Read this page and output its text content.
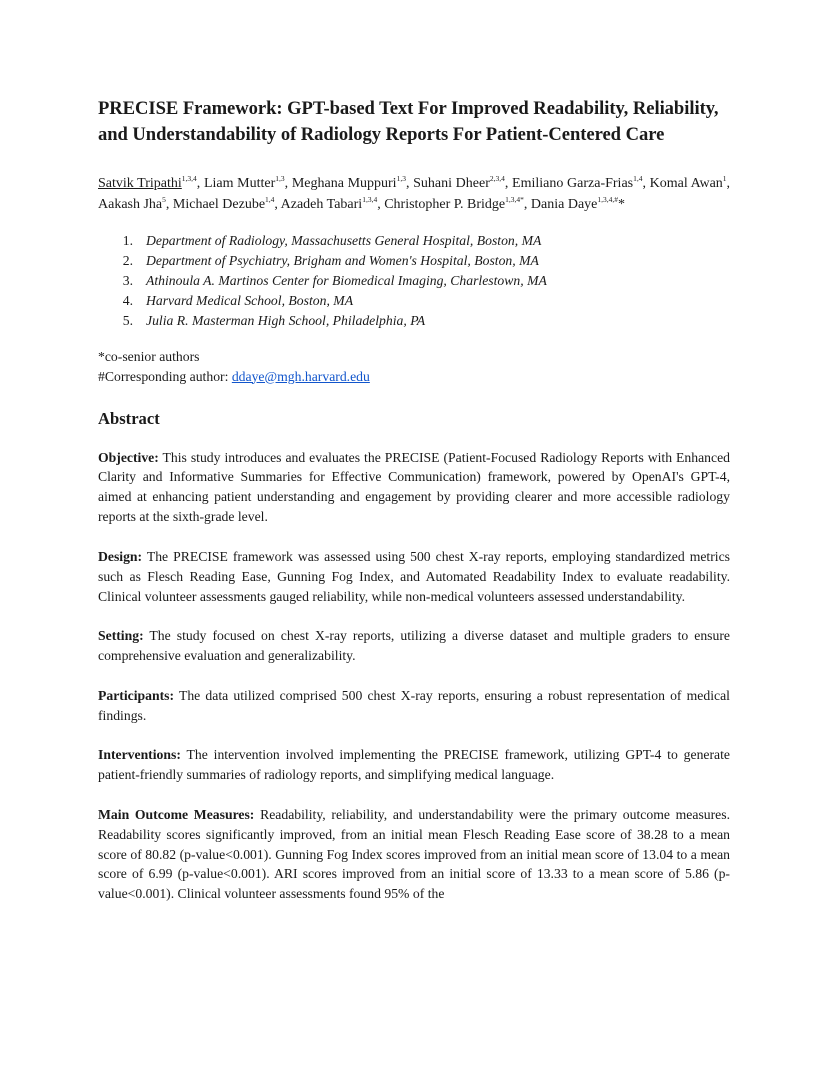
PRECISE Framework: GPT-based Text For Improved Readability, Reliability, and Understandability of Radiology Reports For Patient-Centered Care
Satvik Tripathi$^{1,3,4}$, Liam Mutter$^{1,3}$, Meghana Muppuri$^{1,3}$, Suhani Dheer$^{2,3,4}$, Emiliano Garza-Frias$^{1,4}$, Komal Awan$^1$, Aakash Jha$^5$, Michael Dezube$^{1,4}$, Azadeh Tabari$^{1,3,4}$, Christopher P. Bridge$^{1,3,4*}$, Dania Daye$^{1,3,4,\#}$*
1. Department of Radiology, Massachusetts General Hospital, Boston, MA
2. Department of Psychiatry, Brigham and Women's Hospital, Boston, MA
3. Athinoula A. Martinos Center for Biomedical Imaging, Charlestown, MA
4. Harvard Medical School, Boston, MA
5. Julia R. Masterman High School, Philadelphia, PA
*co-senior authors
#Corresponding author: ddaye@mgh.harvard.edu
Abstract
Objective: This study introduces and evaluates the PRECISE (Patient-Focused Radiology Reports with Enhanced Clarity and Informative Summaries for Effective Communication) framework, powered by OpenAI's GPT-4, aimed at enhancing patient understanding and engagement by providing clearer and more accessible radiology reports at the sixth-grade level.
Design: The PRECISE framework was assessed using 500 chest X-ray reports, employing standardized metrics such as Flesch Reading Ease, Gunning Fog Index, and Automated Readability Index to evaluate readability. Clinical volunteer assessments gauged reliability, while non-medical volunteers assessed understandability.
Setting: The study focused on chest X-ray reports, utilizing a diverse dataset and multiple graders to ensure comprehensive evaluation and generalizability.
Participants: The data utilized comprised 500 chest X-ray reports, ensuring a robust representation of medical findings.
Interventions: The intervention involved implementing the PRECISE framework, utilizing GPT-4 to generate patient-friendly summaries of radiology reports, and simplifying medical language.
Main Outcome Measures: Readability, reliability, and understandability were the primary outcome measures. Readability scores significantly improved, from an initial mean Flesch Reading Ease score of 38.28 to a mean score of 80.82 (p-value<0.001). Gunning Fog Index scores improved from an initial mean score of 13.04 to a mean score of 6.99 (p-value<0.001). ARI scores improved from an initial score of 13.33 to a mean score of 5.86 (p-value<0.001). Clinical volunteer assessments found 95% of the
